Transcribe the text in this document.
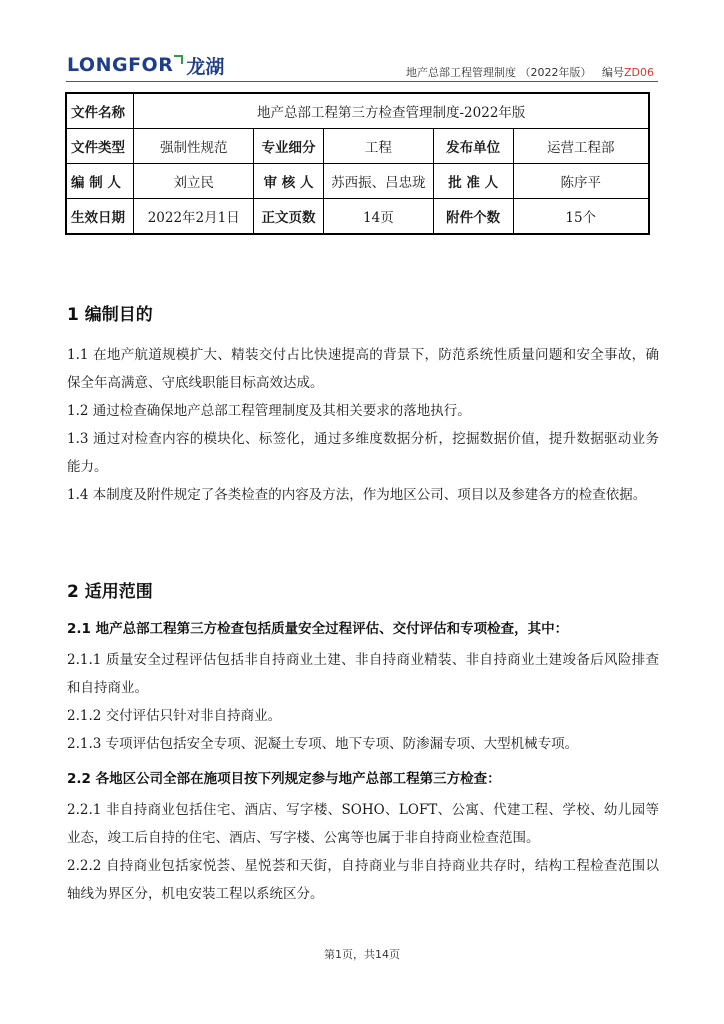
LONGFOR 龙湖	地产总部工程管理制度 （2022年版） 编号ZD06
文件名称	地产总部工程第三方检查管理制度-2022年版				
文件类型	强制性规范	专业细分	工程	发布单位	运营工程部
编 制 人	刘立民	审 核 人	苏西振、吕忠珑	批 准 人	陈序平
生效日期	2022年2月1日	正文页数	14页	附件个数	15个
1 编制目的
1.1 在地产航道规模扩大、精装交付占比快速提高的背景下，防范系统性质量问题和安全事故，确保全年高满意、守底线职能目标高效达成。
1.2 通过检查确保地产总部工程管理制度及其相关要求的落地执行。
1.3 通过对检查内容的模块化、标签化，通过多维度数据分析，挖掘数据价值，提升数据驱动业务能力。
1.4 本制度及附件规定了各类检查的内容及方法，作为地区公司、项目以及参建各方的检查依据。
2 适用范围
2.1 地产总部工程第三方检查包括质量安全过程评估、交付评估和专项检查，其中：
2.1.1 质量安全过程评估包括非自持商业土建、非自持商业精装、非自持商业土建竣备后风险排查和自持商业。
2.1.2 交付评估只针对非自持商业。
2.1.3 专项评估包括安全专项、泥凝土专项、地下专项、防渗漏专项、大型机械专项。
2.2 各地区公司全部在施项目按下列规定参与地产总部工程第三方检查：
2.2.1 非自持商业包括住宅、酒店、写字楼、SOHO、LOFT、公寓、代建工程、学校、幼儿园等业态，竣工后自持的住宅、酒店、写字楼、公寓等也属于非自持商业检查范围。
2.2.2 自持商业包括家悦荟、星悦荟和天街，自持商业与非自持商业共存时，结构工程检查范围以轴线为界区分，机电安装工程以系统区分。
第1页，共14页
